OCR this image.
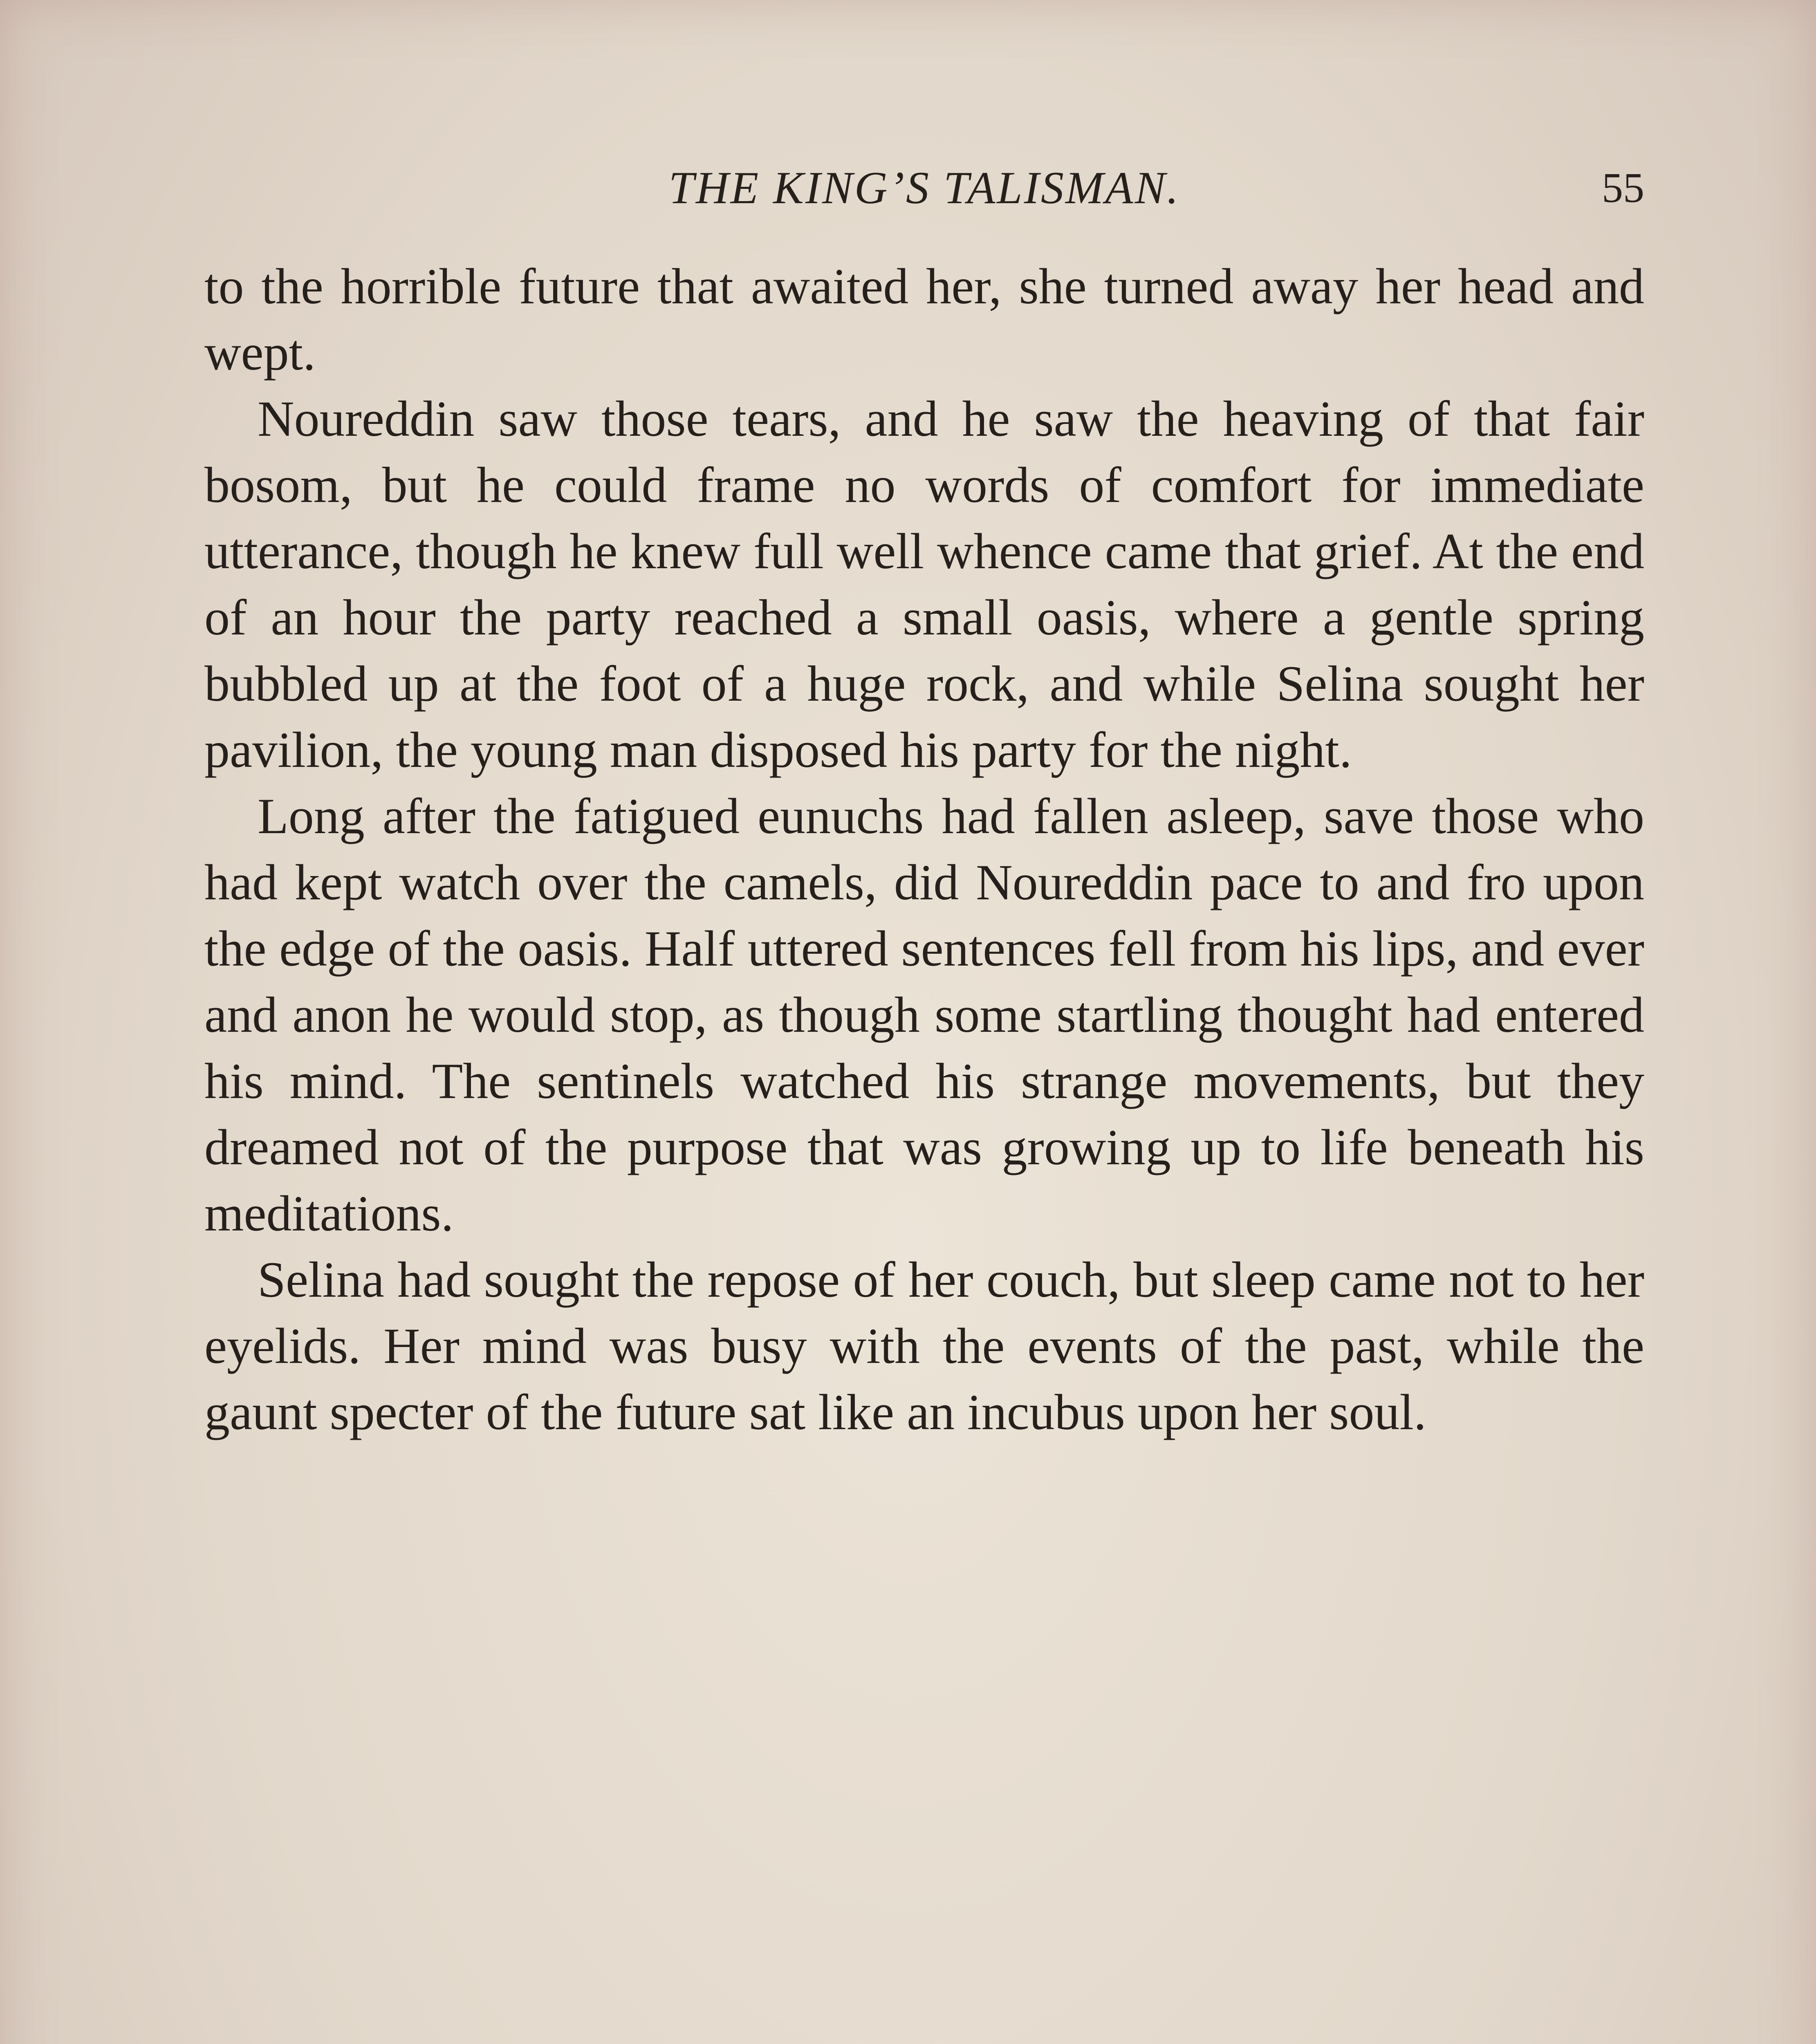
THE KING’S TALISMAN.	55

to the horrible future that awaited her, she turned away her head and wept.

Noureddin saw those tears, and he saw the heaving of that fair bosom, but he could frame no words of comfort for immediate utterance, though he knew full well whence came that grief. At the end of an hour the party reached a small oasis, where a gentle spring bubbled up at the foot of a huge rock, and while Selina sought her pavilion, the young man disposed his party for the night.

Long after the fatigued eunuchs had fallen asleep, save those who had kept watch over the camels, did Noureddin pace to and fro upon the edge of the oasis. Half uttered sentences fell from his lips, and ever and anon he would stop, as though some startling thought had entered his mind. The sentinels watched his strange movements, but they dreamed not of the purpose that was growing up to life beneath his meditations.

Selina had sought the repose of her couch, but sleep came not to her eyelids. Her mind was busy with the events of the past, while the gaunt specter of the future sat like an incubus upon her soul.
